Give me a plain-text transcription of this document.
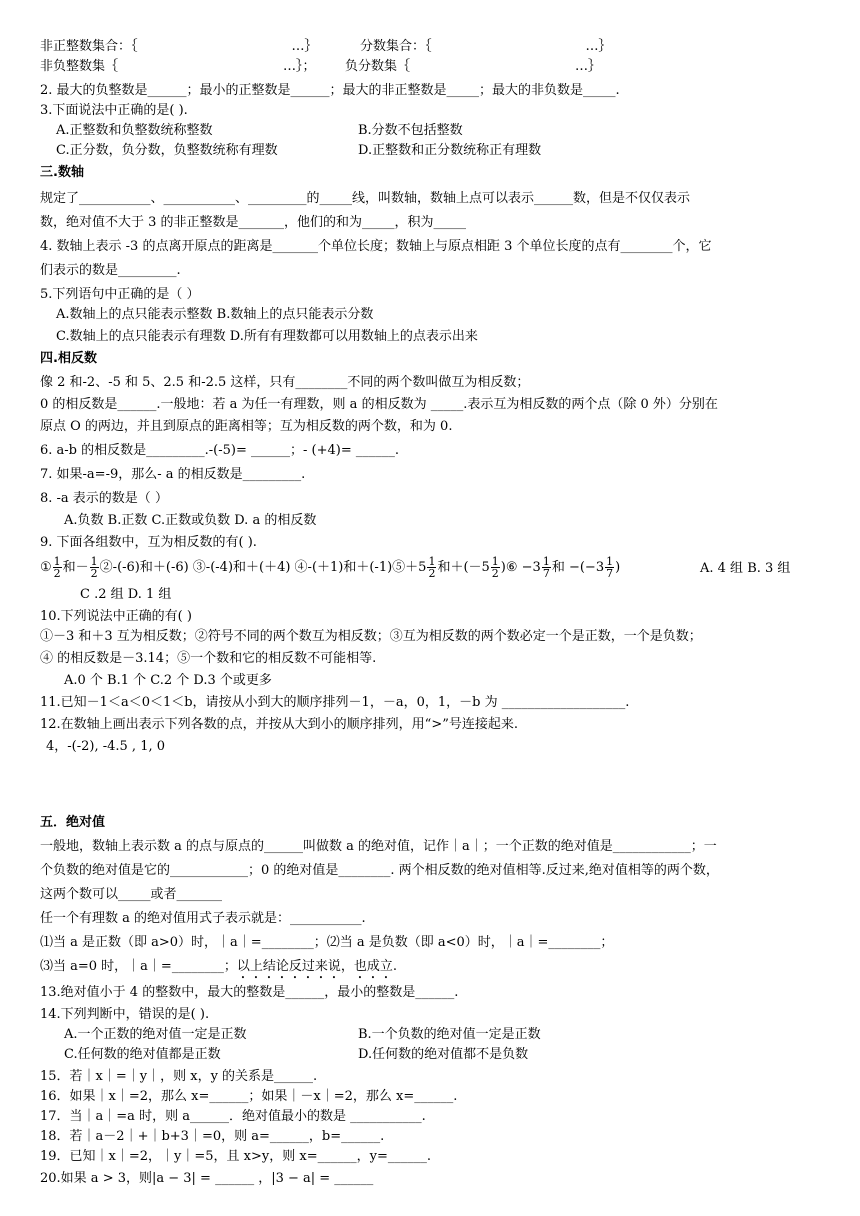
非正整数集合：｛	…｝	分数集合：｛	…｝
非负整数集｛	…｝； 负分数集｛	…｝
2. 最大的负整数是______；最小的正整数是______；最大的非正整数是_____；最大的非负数是_____.
3.下面说法中正确的是( ).
A.正整数和负整数统称整数	B.分数不包括整数
C.正分数，负分数，负整数统称有理数	D.正整数和正分数统称正有理数
三.数轴
规定了___________、___________、_________的_____线，叫数轴，数轴上点可以表示______数，但是不仅仅表示
数，绝对值不大于 3 的非正整数是_______，他们的和为_____，积为_____
4. 数轴上表示 -3 的点离开原点的距离是_______个单位长度；数轴上与原点相距 3 个单位长度的点有________个，它
们表示的数是_________.
5.下列语句中正确的是（ ）
A.数轴上的点只能表示整数 B.数轴上的点只能表示分数
C.数轴上的点只能表示有理数 D.所有有理数都可以用数轴上的点表示出来
四.相反数
像 2 和-2、-5 和 5、2.5 和-2.5 这样，只有________不同的两个数叫做互为相反数；
0 的相反数是______.一般地：若 a 为任一有理数，则 a 的相反数为 _____.表示互为相反数的两个点（除 0 外）分别在
原点 O 的两边，并且到原点的距离相等；互为相反数的两个数，和为 0.
6. a-b 的相反数是_________.-(-5)= ______；- (+4)= ______.
7. 如果-a=-9，那么- a 的相反数是_________.
8. -a 表示的数是（ ）
A.负数 B.正数 C.正数或负数 D. a 的相反数
9. 下面各组数中，互为相反数的有( ).
① $\frac{1}{2}$ 和－ $\frac{1}{2}$ ②-(-6)和＋(-6) ③-(-4)和＋(＋4) ④-(＋1)和＋(-1)⑤＋5 $\frac{1}{2}$ 和$+(-5 \frac{1}{2}$ )⑥ $-3 \frac{1}{7}$ 和 $-(-3 \frac{1}{7}$ )	A. 4 组 B. 3 组
C .2 组 D. 1 组
10.下列说法中正确的有( )
①－3 和＋3 互为相反数；②符号不同的两个数互为相反数；③互为相反数的两个数必定一个是正数，一个是负数；
④ 的相反数是－3.14；⑤一个数和它的相反数不可能相等.
A.0 个 B.1 个 C.2 个 D.3 个或更多
11.已知－1＜a＜0＜1＜b，请按从小到大的顺序排列－1，－a，0，1，－b 为 ___________________.
12.在数轴上画出表示下列各数的点，并按从大到小的顺序排列，用“>”号连接起来.
4，-(-2), -4.5 , 1, 0
五．绝对值
一般地，数轴上表示数 a 的点与原点的______叫做数 a 的绝对值，记作｜a｜；一个正数的绝对值是____________；一
个负数的绝对值是它的____________；0 的绝对值是________. 两个相反数的绝对值相等.反过来,绝对值相等的两个数，
这两个数可以_____或者_______
任一个有理数 a 的绝对值用式子表示就是：___________.
⑴当 a 是正数（即 a>0）时，｜a｜=________；⑵当 a 是负数（即 a<0）时，｜a｜=________；
⑶当 a=0 时，｜a｜=________；以上结论反过来说，也成立.
13.绝对值小于 4 的整数中，最大的整数是______，最小的整数是______.
14.下列判断中，错误的是( ).
A.一个正数的绝对值一定是正数	B.一个负数的绝对值一定是正数
C.任何数的绝对值都是正数	D.任何数的绝对值都不是负数
15．若｜x｜=｜y｜，则 x，y 的关系是______.
16．如果｜x｜=2，那么 x=______；如果｜－x｜=2，那么 x=______.
17．当｜a｜=a 时，则 a______．绝对值最小的数是 ___________.
18．若｜a－2｜+｜b+3｜=0，则 a=______，b=______.
19．已知｜x｜=2，｜y｜=5，且 x>y，则 x=______，y=______.
20.如果 a > 3，则|a − 3| = ______ ，|3 − a| = ______
